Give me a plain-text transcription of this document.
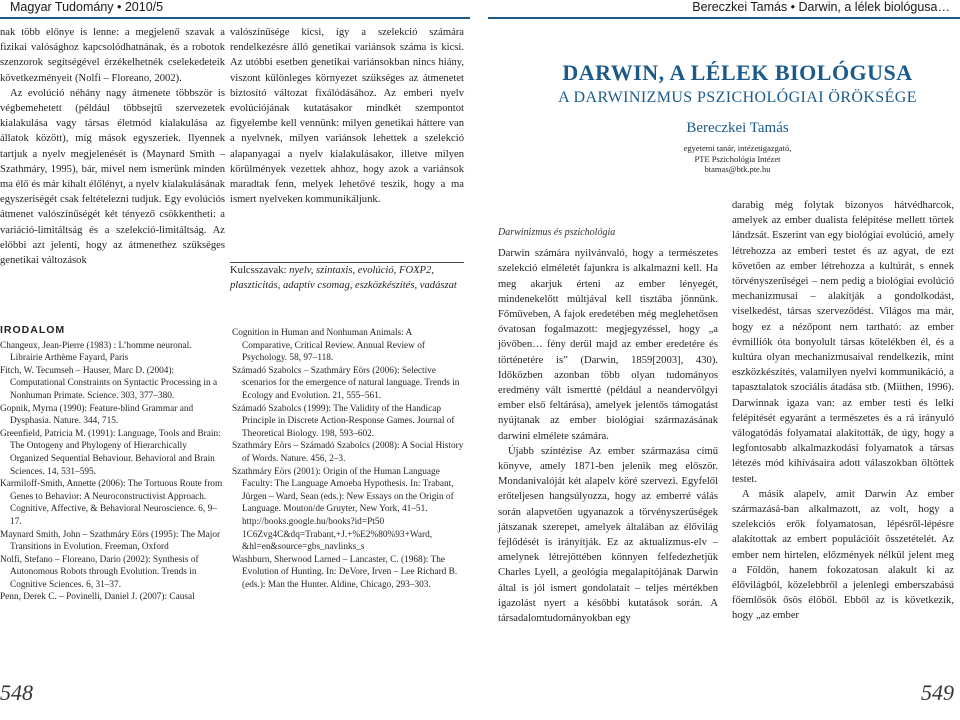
Magyar Tudomány • 2010/5	Bereczkei Tamás • Darwin, a lélek biológusa…

nak több előnye is lenne: a megjelenő szavak a fizikai valósághoz kapcsolódhatnának, és a robotok szenzorok segítségével érzékelhetnék cselekedeteik következményeit (Nolfi – Floreano, 2002).

Az evolúció néhány nagy átmenete többször is végbemehetett (például többsejtű szervezetek kialakulása vagy társas életmód kialakulása az állatok között), míg mások egyszeriek. Ilyennek tartjuk a nyelv megjelenését is (Maynard Smith – Szathmáry, 1995), bár, mivel nem ismerünk minden ma élő és már kihalt élőlényt, a nyelv kialakulásának egyszeriségét csak feltételezni tudjuk. Egy evolúciós átmenet valószínűségét két tényező csökkentheti: a variáció-limitáltság és a szelekció-limitáltság. Az előbbi azt jelenti, hogy az átmenethez szükséges genetikai változások

valószínűsége kicsi, így a szelekció számára rendelkezésre álló genetikai variánsok száma is kicsi. Az utóbbi esetben genetikai variánsokban nincs hiány, viszont különleges környezet szükséges az átmenetet biztosító változat fixálódásához. Az emberi nyelv evolúciójának kutatásakor mindkét szempontot figyelembe kell vennünk: milyen genetikai háttere van a nyelvnek, milyen variánsok lehettek a szelekció alapanyagai a nyelv kialakulásakor, illetve milyen körülmények vezettek ahhoz, hogy azok a variánsok maradtak fenn, melyek lehetővé teszik, hogy a ma ismert nyelveken kommunikáljunk.

Kulcsszavak: nyelv, szintaxis, evolúció, FOXP2, plaszticitás, adaptív csomag, eszközkészítés, vadászat
IRODALOM

Changeux, Jean-Pierre (1983) : L’homme neuronal. Librairie Arthème Fayard, Paris

Fitch, W. Tecumseh – Hauser, Marc D. (2004): Computational Constraints on Syntactic Processing in a Nonhuman Primate. Science. 303, 377–380.

Gopnik, Myrna (1990): Feature-blind Grammar and Dysphasia. Nature. 344, 715.

Greenfield, Patricia M. (1991): Language, Tools and Brain: The Ontogeny and Phylogeny of Hierarchically Organized Sequential Behaviour. Behavioral and Brain Sciences. 14, 531–595.

Karmiloff-Smith, Annette (2006): The Tortuous Route from Genes to Behavior: A Neuroconstructivist Approach. Cognitive, Affective, & Behavioral Neuroscience. 6, 9–17.

Maynard Smith, John – Szathmáry Eörs (1995): The Major Transitions in Evolution. Freeman, Oxford

Nolfi, Stefano – Floreano, Dario (2002): Synthesis of Autonomous Robots through Evolution. Trends in Cognitive Sciences. 6, 31–37.

Penn, Derek C. – Povinelli, Daniel J. (2007): Causal

Cognition in Human and Nonhuman Animals: A Comparative, Critical Review. Annual Review of Psychology. 58, 97–118.

Számadó Szabolcs – Szathmáry Eörs (2006): Selective scenarios for the emergence of natural language. Trends in Ecology and Evolution. 21, 555–561.

Számadó Szabolcs (1999): The Validity of the Handicap Principle in Discrete Action-Response Games. Journal of Theoretical Biology. 198, 593–602.

Szathmáry Eörs – Számadó Szabolcs (2008): A Social History of Words. Nature. 456, 2–3.

Szathmáry Eörs (2001): Origin of the Human Language Faculty: The Language Amoeba Hypothesis. In: Trabant, Jürgen – Ward, Sean (eds.): New Essays on the Origin of Language. Mouton/de Gruyter, New York, 41–51. http://books.google.hu/books?id=Pt50 1C6Zvg4C&dq=Trabant,+J.+%E2%80%93+Ward, &hl=en&source=gbs_navlinks_s

Washburn, Sherwood Larned – Lancaster, C. (1968): The Evolution of Hunting. In: DeVore, Irven – Lee Richard B. (eds.): Man the Hunter. Aldine, Chicago, 293–303.

548
DARWIN, A LÉLEK BIOLÓGUSA
A DARWINIZMUS PSZICHOLÓGIAI ÖRÖKSÉGE
Bereczkei Tamás
egyetemi tanár, intézetigazgató,
PTE Pszichológia Intézet
btamas@btk.pte.hu
Darwinizmus és pszichológia

Darwin számára nyilvánvaló, hogy a természetes szelekció elméletét fajunkra is alkalmazni kell. Ha meg akarjuk érteni az ember lényegét, mindenekelőtt múltjával kell tisztába jönnünk. Főműveben, A fajok eredetében még meglehetősen óvatosan fogalmazott: megjegyzéssel, hogy „a jövőben… fény derül majd az ember eredetére és történetére is” (Darwin, 1859[2003], 430). Időközben azonban több olyan tudományos eredmény vált ismertté (például a neandervölgyi ember első feltárása), amelyek jelentős támogatást nyújtanak az ember biológiai származásának darwini elmélete számára.

Újabb színtézise Az ember származása című könyve, amely 1871-ben jelenik meg először. Mondanivalóját két alapelv köré szervezi. Egyfelől erőteljesen hangsúlyozza, hogy az emberré válás során alapvetően ugyanazok a törvényszerűségek játszanak szerepet, amelyek általában az élővilág fejlődését is irányítják. Ez az aktualizmus-elv – amelynek létrejöttében könnyen felfedezhetjük Charles Lyell, a geológia megalapítójának Darwin által is jól ismert gondolatait – teljes mértékben igazolást nyert a későbbi kutatások során. A társadalomtudományokban egy

darabig még folytak bizonyos hátvédharcok, amelyek az ember dualista felépítése mellett törtek lándzsát. Eszerint van egy biológiai evolúció, amely létrehozza az emberi testet és az agyat, de ezt követően az ember létrehozza a kultúrát, s ennek törvényszerűségei – nem pedig a biológiai evolúció mechanizmusai – alakítják a gondolkodást, viselkedést, társas szerveződést. Világos ma már, hogy ez a nézőpont nem tartható: az ember évmilliók óta bonyolult társas kötelékben él, és a kultúra olyan mechanizmusaival rendelkezik, mint eszközkészítés, valamilyen nyelvi kommunikáció, a tapasztalatok szociális átadása stb. (Miithen, 1996). Darwinnak igaza van: az ember testi és lelki felépítését egyaránt a természetes és a rá irányuló válogatódás folyamatai alakították, de úgy, hogy a legfontosabb alkalmazkodási folyamatok a társas létezés mód kihívásaira adott válaszokban öltöttek testet.

A másik alapelv, amit Darwin Az ember származásá-ban alkalmazott, az volt, hogy a szelekciós erők folyamatosan, lépésről-lépésre alakítottak az embert populációit összetételét. Az ember nem hirtelen, előzmények nélkül jelent meg a Földön, hanem fokozatosan alakult ki az élővilágból, közelebbről a jelenlegi emberszabású főemlősök ősös élőből. Ebből az is következik, hogy „az ember

549
